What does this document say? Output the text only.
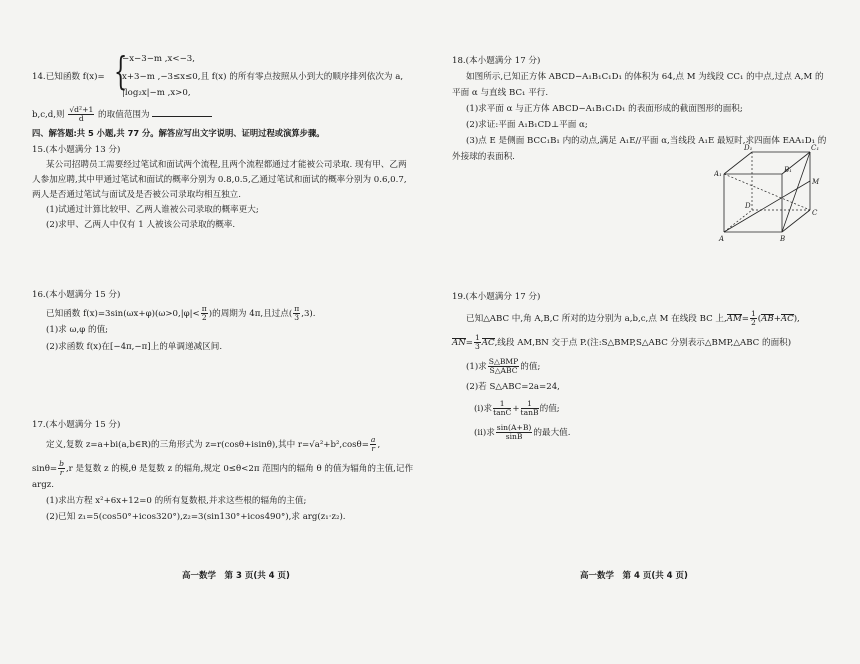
{
−x−3−m ,x<−3,
14.已知函数 f(x)= x+3−m ,−3≤x≤0,且 f(x) 的所有零点按照从小到大的顺序排列依次为 a,
|log₂x|−m ,x>0,
b,c,d,则 $\frac{\text{√d²+1}}{d}$ 的取值范围为
四、解答题:共 5 小题,共 77 分。解答应写出文字说明、证明过程或演算步骤。
15.(本小题满分 13 分)
某公司招聘员工需要经过笔试和面试两个流程,且两个流程都通过才能被公司录取. 现有甲、乙两
人参加应聘,其中甲通过笔试和面试的概率分别为 0.8,0.5,乙通过笔试和面试的概率分别为 0.6,0.7,
两人是否通过笔试与面试及是否被公司录取均相互独立.
(1)试通过计算比较甲、乙两人谁被公司录取的概率更大;
(2)求甲、乙两人中仅有 1 人被该公司录取的概率.
16.(本小题满分 15 分)
已知函数 $f(x)=3\sin(\omega x+\varphi)(\omega>0,|\varphi|< \frac{\pi}{2}$ )的周期为 4π,且过点( $\frac{\pi}{3} ,3$).
(1)求 ω,φ 的值;
(2)求函数 f(x)在[−4π,−π]上的单调递减区间.
17.(本小题满分 15 分)
定义,复数 z=a+bi(a,b∈R)的三角形式为 z=r(cosθ+isinθ),其中 $r=√a^2+b^2,\cos\theta= \frac{a}{r}$ ,
$\sin\theta= \frac{b}{r} ,r$ 是复数 z 的模,θ 是复数 z 的辐角,规定 0≤θ<2π 范围内的辐角 θ 的值为辐角的主值,记作
argz.
(1)求出方程 x²+6x+12=0 的所有复数根,并求这些根的辐角的主值;
(2)已知 z₁=5(cos50°+icos320°),z₂=3(sin130°+icos490°),求 arg(z₁·z₂).
高一数学　第 3 页(共 4 页)
18.(本小题满分 17 分)
如图所示,已知正方体 ABCD−A₁B₁C₁D₁ 的体积为 64,点 M 为线段 CC₁ 的中点,过点 A,M 的
平面 α 与直线 BC₁ 平行.
(1)求平面 α 与正方体 ABCD−A₁B₁C₁D₁ 的表面形成的截面图形的面积;
(2)求证:平面 A₁B₁CD⊥平面 α;
(3)点 E 是侧面 BCC₁B₁ 内的动点,满足 A₁E//平面 α,当线段 A₁E 最短时,求四面体 EAA₁D₁ 的
外接球的表面积.
D₁	C₁
A₁	B₁
M
D
C
A	B
19.(本小题满分 17 分)
已知△ABC 中,角 A,B,C 所对的边分别为 a,b,c,点 M 在线段 BC 上$,AM= \frac{1}{2} (AB+AC)$,
$AN= \frac{1}{3}$ AC,线段 AM,BN 交于点 P.(注:S△BMP,S△ABC 分别表示△BMP,△ABC 的面积)
(1)求 $\frac{\text{S△BMP}}{\text{S△ABC}}$ 的值;
(2)若 S△ABC=2a=24,
(ⅰ)求 $\frac{1}{\tan C} + \frac{1}{\tan B}$ 的值;
(ⅱ)求 $\frac{\sin(A+B)}{\sin B}$ 的最大值.
高一数学　第 4 页(共 4 页)
